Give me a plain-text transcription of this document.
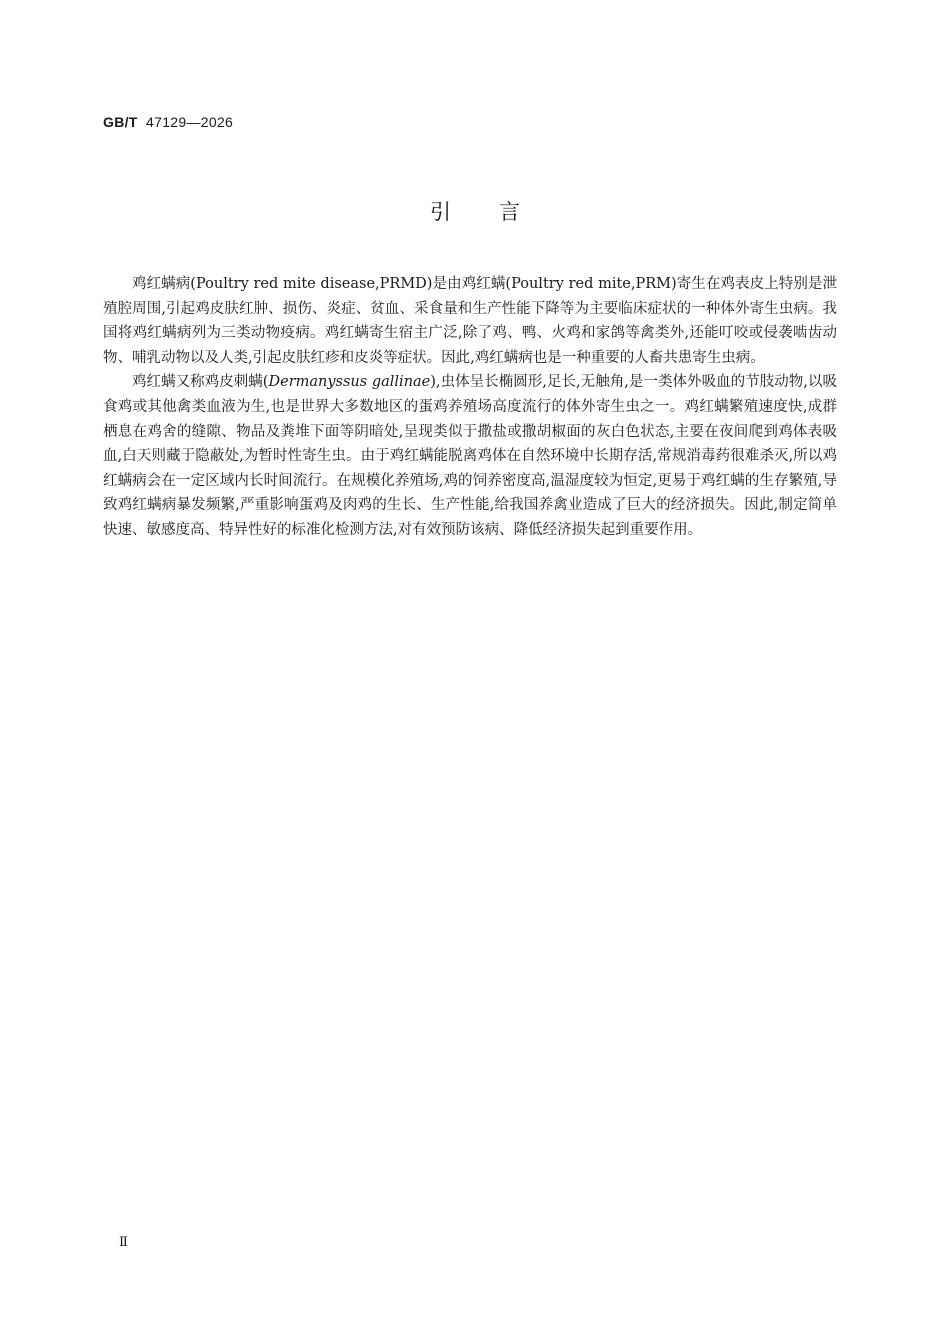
GB/T 47129—2026
引言

鸡红螨病(Poultry red mite disease,PRMD)是由鸡红螨(Poultry red mite,PRM)寄生在鸡表皮上特别是泄殖腔周围,引起鸡皮肤红肿、损伤、炎症、贫血、采食量和生产性能下降等为主要临床症状的一种体外寄生虫病。我国将鸡红螨病列为三类动物疫病。鸡红螨寄生宿主广泛,除了鸡、鸭、火鸡和家鸽等禽类外,还能叮咬或侵袭啮齿动物、哺乳动物以及人类,引起皮肤红疹和皮炎等症状。因此,鸡红螨病也是一种重要的人畜共患寄生虫病。

鸡红螨又称鸡皮刺螨(Dermanyssus gallinae),虫体呈长椭圆形,足长,无触角,是一类体外吸血的节肢动物,以吸食鸡或其他禽类血液为生,也是世界大多数地区的蛋鸡养殖场高度流行的体外寄生虫之一。鸡红螨繁殖速度快,成群栖息在鸡舍的缝隙、物品及粪堆下面等阴暗处,呈现类似于撒盐或撒胡椒面的灰白色状态,主要在夜间爬到鸡体表吸血,白天则藏于隐蔽处,为暂时性寄生虫。由于鸡红螨能脱离鸡体在自然环境中长期存活,常规消毒药很难杀灭,所以鸡红螨病会在一定区域内长时间流行。在规模化养殖场,鸡的饲养密度高,温湿度较为恒定,更易于鸡红螨的生存繁殖,导致鸡红螨病暴发频繁,严重影响蛋鸡及肉鸡的生长、生产性能,给我国养禽业造成了巨大的经济损失。因此,制定简单快速、敏感度高、特异性好的标准化检测方法,对有效预防该病、降低经济损失起到重要作用。

Ⅱ
